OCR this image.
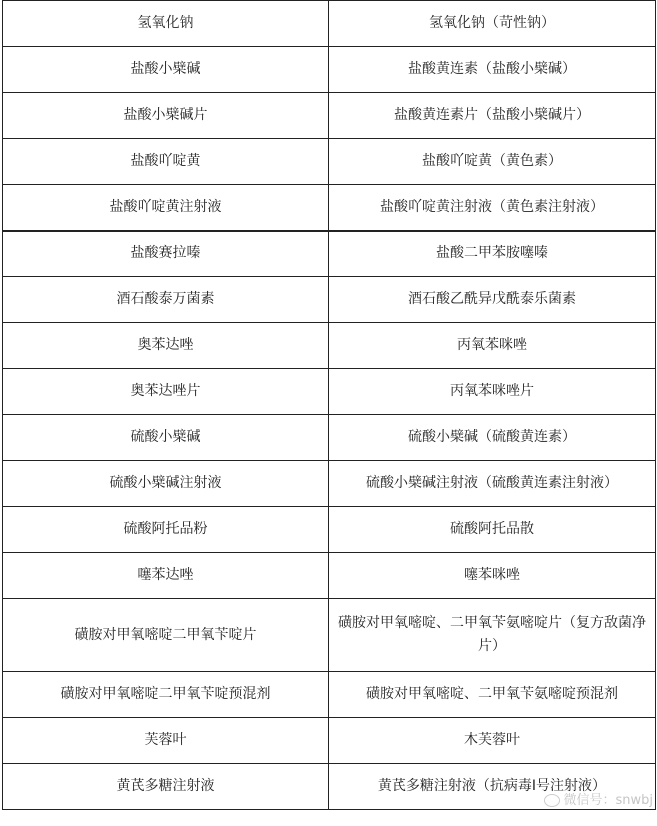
氢氧化钠	氢氧化钠（苛性钠）
盐酸小檗碱	盐酸黄连素（盐酸小檗碱）
盐酸小檗碱片	盐酸黄连素片（盐酸小檗碱片）
盐酸吖啶黄	盐酸吖啶黄（黄色素）
盐酸吖啶黄注射液	盐酸吖啶黄注射液（黄色素注射液）
盐酸赛拉嗪	盐酸二甲苯胺噻嗪
酒石酸泰万菌素	酒石酸乙酰异戊酰泰乐菌素
奥苯达唑	丙氧苯咪唑
奥苯达唑片	丙氧苯咪唑片
硫酸小檗碱	硫酸小檗碱（硫酸黄连素）
硫酸小檗碱注射液	硫酸小檗碱注射液（硫酸黄连素注射液）
硫酸阿托品粉	硫酸阿托品散
噻苯达唑	噻苯咪唑
磺胺对甲氧嘧啶二甲氧苄啶片	磺胺对甲氧嘧啶、二甲氧苄氨嘧啶片（复方敌菌净片）
磺胺对甲氧嘧啶二甲氧苄啶预混剂	磺胺对甲氧嘧啶、二甲氧苄氨嘧啶预混剂
芙蓉叶	木芙蓉叶
黄芪多糖注射液	黄芪多糖注射液（抗病毒Ⅰ号注射液）
微信号：snwbj
